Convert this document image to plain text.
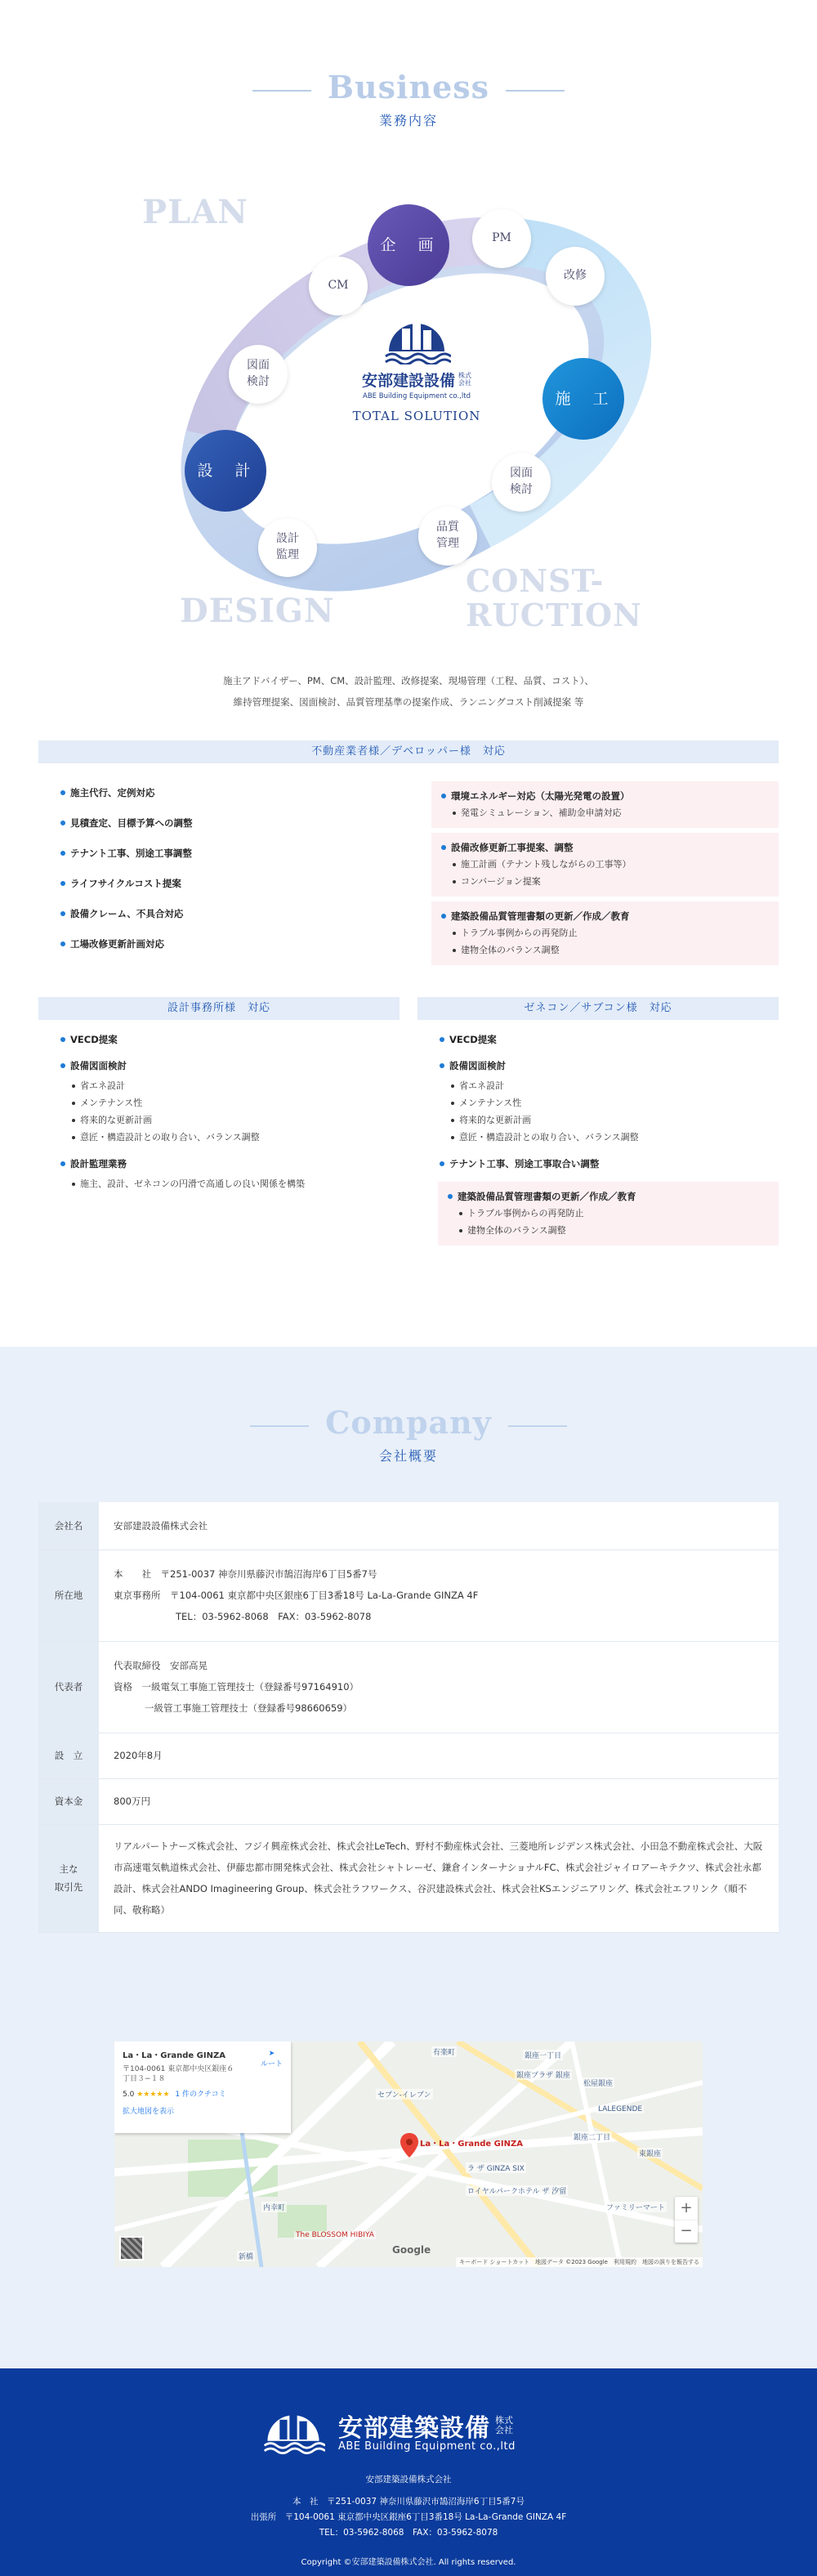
Business
業務内容
PLAN
DESIGN
CONST-
RUCTION
企　画	PM
改修
CM
図面
検討
設　計
設計
監理
品質
管理
図面
検討
施　工
安部建設設備 株式
会社
ABE Building Equipment co.,ltd
TOTAL SOLUTION
施主アドバイザー、PM、CM、設計監理、改修提案、現場管理（工程、品質、コスト）、
維持管理提案、図面検討、品質管理基準の提案作成、ランニングコスト削減提案 等
不動産業者様／デベロッパー様　対応
施主代行、定例対応
見積査定、目標予算への調整
テナント工事、別途工事調整
ライフサイクルコスト提案
設備クレーム、不具合対応
工場改修更新計画対応
環境エネルギー対応（太陽光発電の設置）
発電シミュレーション、補助金申請対応
設備改修更新工事提案、調整
施工計画（テナント残しながらの工事等）
コンバージョン提案
建築設備品質管理書類の更新／作成／教育
トラブル事例からの再発防止
建物全体のバランス調整
設計事務所様　対応
VECD提案
設備図面検討
省エネ設計
メンテナンス性
将来的な更新計画
意匠・構造設計との取り合い、バランス調整
設計監理業務
施主、設計、ゼネコンの円滑で高通しの良い関係を構築
ゼネコン／サブコン様　対応
VECD提案
設備図面検討
省エネ設計
メンテナンス性
将来的な更新計画
意匠・構造設計との取り合い、バランス調整
テナント工事、別途工事取合い調整
建築設備品質管理書類の更新／作成／教育
トラブル事例からの再発防止
建物全体のバランス調整
Company
会社概要
会社名	安部建設設備株式会社
所在地	本　　社　〒251-0037 神奈川県藤沢市鵠沼海岸6丁目5番7号
東京事務所　〒104-0061 東京都中央区銀座6丁目3番18号 La-La-Grande GINZA 4F
TEL：03-5962-8068　FAX：03-5962-8078

代表者	代表取締役　安部高晃
資格　一級電気工事施工管理技士（登録番号97164910）
一級管工事施工管理技士（登録番号98660659）

設　立	2020年8月
資本金	800万円
主な
取引先	リアルパートナーズ株式会社、フジイ興産株式会社、株式会社LeTech、野村不動産株式会社、三菱地所レジデンス株式会社、小田急不動産株式会社、大阪市高速電気軌道株式会社、伊藤忠都市開発株式会社、株式会社シャトレーゼ、鎌倉インターナショナルFC、株式会社ジャイロアーキテクツ、株式会社永都設計、株式会社ANDO Imagineering Group、株式会社ラフワークス、谷沢建設株式会社、株式会社KSエンジニアリング、株式会社エフリンク（順不同、敬称略）
有楽町	銀座一丁目
銀座プラザ 銀座
松屋銀座
LALEGENDE
ラ ザ GINZA SIX
The BLOSSOM HIBIYA
内幸町
新橋
ロイヤルパークホテル ザ 汐留
ファミリーマート
セブン-イレブン
銀座二丁目
東銀座
La・La・Grande GINZA
La・La・Grande GINZA
〒104-0061 東京都中央区銀座６丁目３−１８
➤
ルート
5.0 ★★★★★ 1 件のクチコミ
拡大地図を表示
+
−
Google
キーボード ショートカット　地図データ ©2023 Google　利用規約　地図の誤りを報告する
安部建築設備 株式
会社
ABE Building Equipment co.,ltd
安部建築設備株式会社
本　社　〒251-0037 神奈川県藤沢市鵠沼海岸6丁目5番7号
出張所　〒104-0061 東京都中央区銀座6丁目3番18号 La-La-Grande GINZA 4F
TEL：03-5962-8068　FAX：03-5962-8078
Copyright ©安部建築設備株式会社. All rights reserved.
